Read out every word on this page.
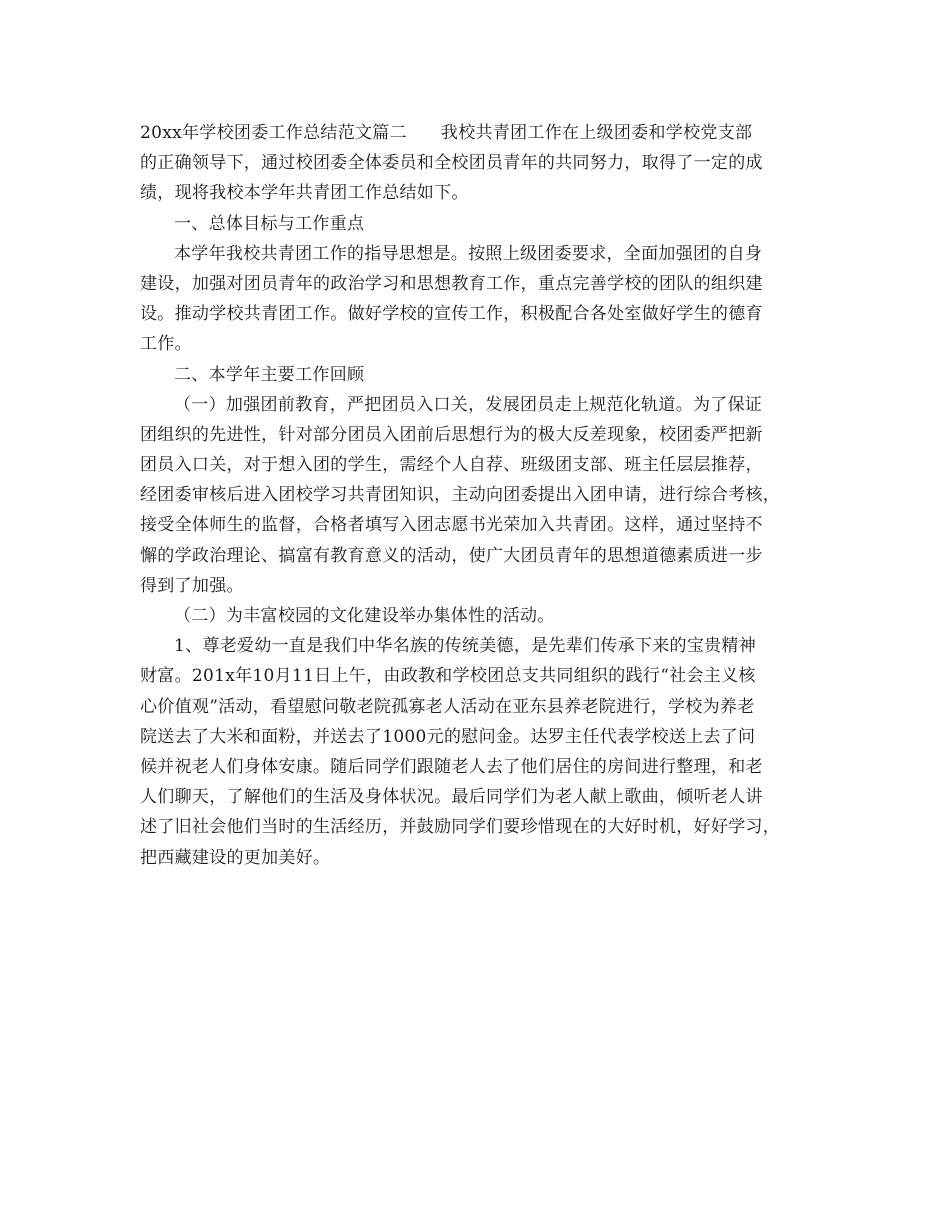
20xx年学校团委工作总结范文篇二 我校共青团工作在上级团委和学校党支部
的正确领导下，通过校团委全体委员和全校团员青年的共同努力，取得了一定的成
绩，现将我校本学年共青团工作总结如下。
一、总体目标与工作重点
本学年我校共青团工作的指导思想是。按照上级团委要求，全面加强团的自身
建设，加强对团员青年的政治学习和思想教育工作，重点完善学校的团队的组织建
设。推动学校共青团工作。做好学校的宣传工作，积极配合各处室做好学生的德育
工作。
二、本学年主要工作回顾
（一）加强团前教育，严把团员入口关，发展团员走上规范化轨道。为了保证
团组织的先进性，针对部分团员入团前后思想行为的极大反差现象，校团委严把新
团员入口关，对于想入团的学生，需经个人自荐、班级团支部、班主任层层推荐，
经团委审核后进入团校学习共青团知识，主动向团委提出入团申请，进行综合考核，
接受全体师生的监督，合格者填写入团志愿书光荣加入共青团。这样，通过坚持不
懈的学政治理论、搞富有教育意义的活动，使广大团员青年的思想道德素质进一步
得到了加强。
（二）为丰富校园的文化建设举办集体性的活动。
1、尊老爱幼一直是我们中华名族的传统美德，是先辈们传承下来的宝贵精神
财富。201x年10月11日上午，由政教和学校团总支共同组织的践行“社会主义核
心价值观”活动，看望慰问敬老院孤寡老人活动在亚东县养老院进行，学校为养老
院送去了大米和面粉，并送去了1000元的慰问金。达罗主任代表学校送上去了问
候并祝老人们身体安康。随后同学们跟随老人去了他们居住的房间进行整理，和老
人们聊天，了解他们的生活及身体状况。最后同学们为老人献上歌曲，倾听老人讲
述了旧社会他们当时的生活经历，并鼓励同学们要珍惜现在的大好时机，好好学习，
把西藏建设的更加美好。
